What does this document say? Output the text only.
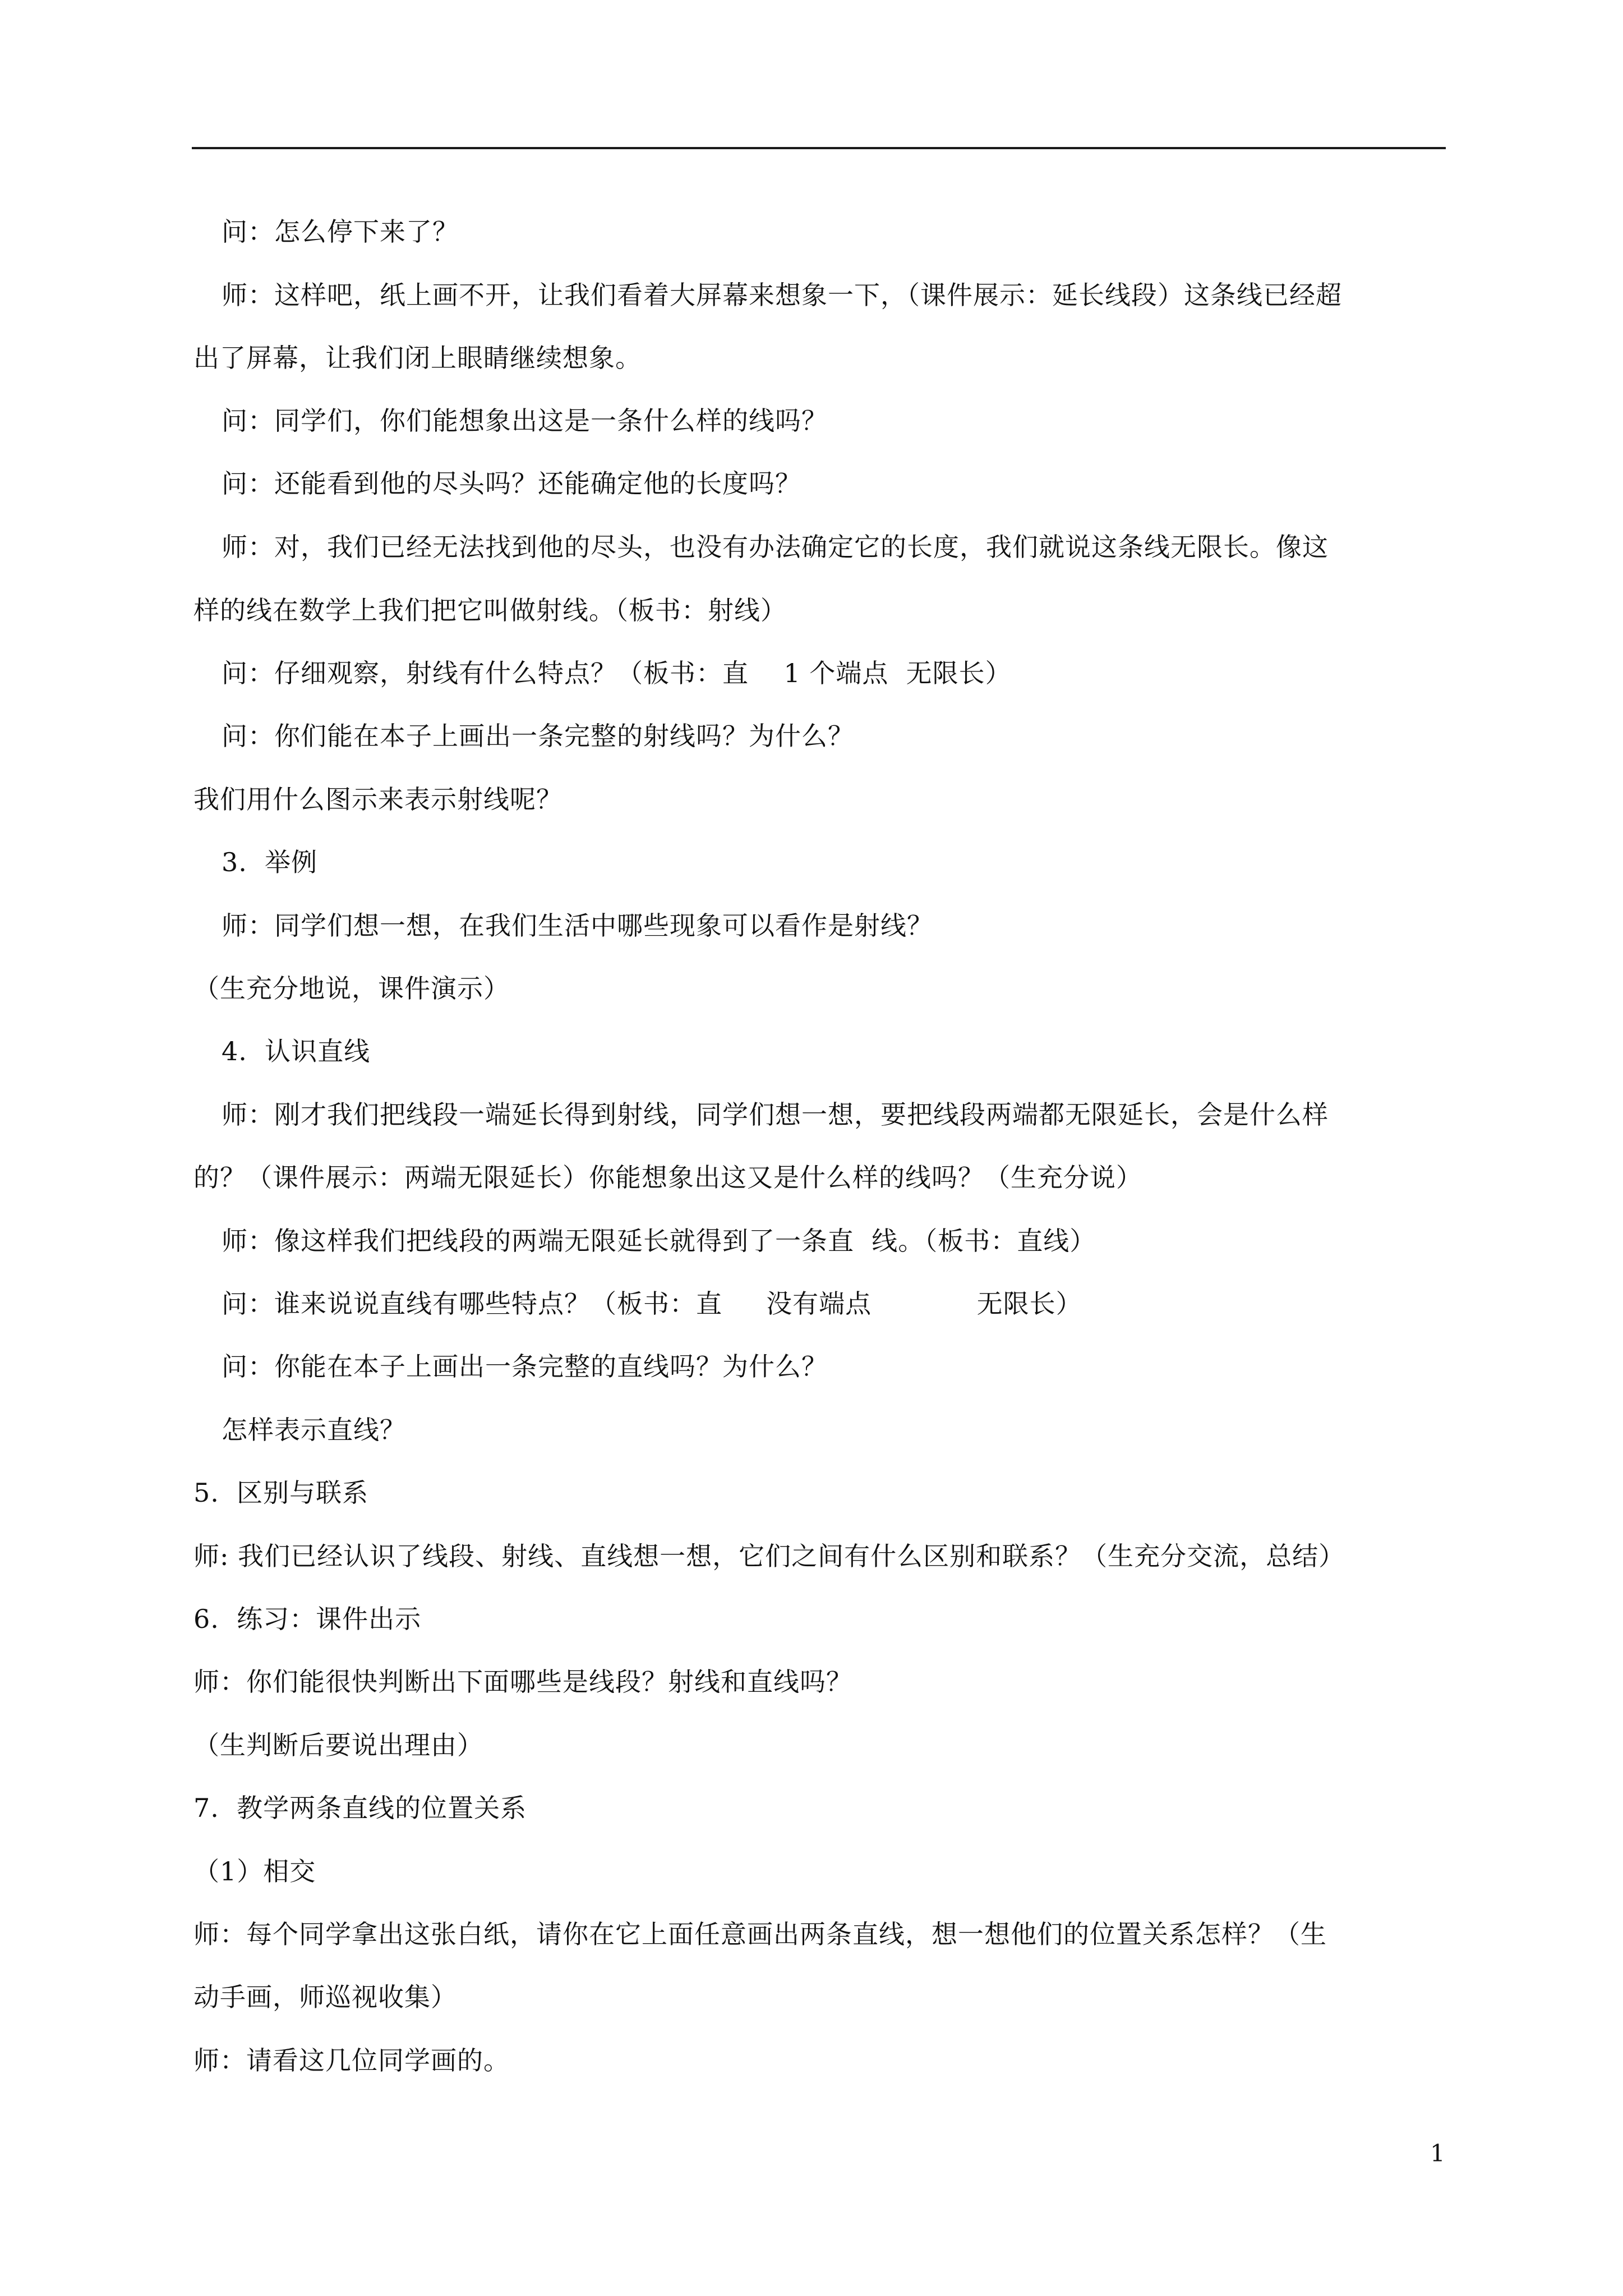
问：怎么停下来了？
师：这样吧，纸上画不开，让我们看着大屏幕来想象一下，（课件展示：延长线段）这条线已经超
出了屏幕，让我们闭上眼睛继续想象。
问：同学们，你们能想象出这是一条什么样的线吗？
问：还能看到他的尽头吗？还能确定他的长度吗？
师：对，我们已经无法找到他的尽头，也没有办法确定它的长度，我们就说这条线无限长。像这
样的线在数学上我们把它叫做射线。（板书：射线）
问：仔细观察，射线有什么特点？（板书：直    1 个端点  无限长）
问：你们能在本子上画出一条完整的射线吗？为什么？
我们用什么图示来表示射线呢？
3.  举例
师：同学们想一想，在我们生活中哪些现象可以看作是射线？
（生充分地说，课件演示）
4.  认识直线
师：刚才我们把线段一端延长得到射线，同学们想一想，要把线段两端都无限延长，会是什么样
的？（课件展示：两端无限延长）你能想象出这又是什么样的线吗？（生充分说）
师：像这样我们把线段的两端无限延长就得到了一条直  线。（板书：直线）
问：谁来说说直线有哪些特点？（板书：直     没有端点            无限长）
问：你能在本子上画出一条完整的直线吗？为什么？
怎样表示直线？
5.  区别与联系
师: 我们已经认识了线段、射线、直线想一想，它们之间有什么区别和联系？（生充分交流，总结）
6.  练习：课件出示
师：你们能很快判断出下面哪些是线段？射线和直线吗？
（生判断后要说出理由）
7.  教学两条直线的位置关系
（1）相交
师：每个同学拿出这张白纸，请你在它上面任意画出两条直线，想一想他们的位置关系怎样？（生
动手画，师巡视收集）
师：请看这几位同学画的。
1
